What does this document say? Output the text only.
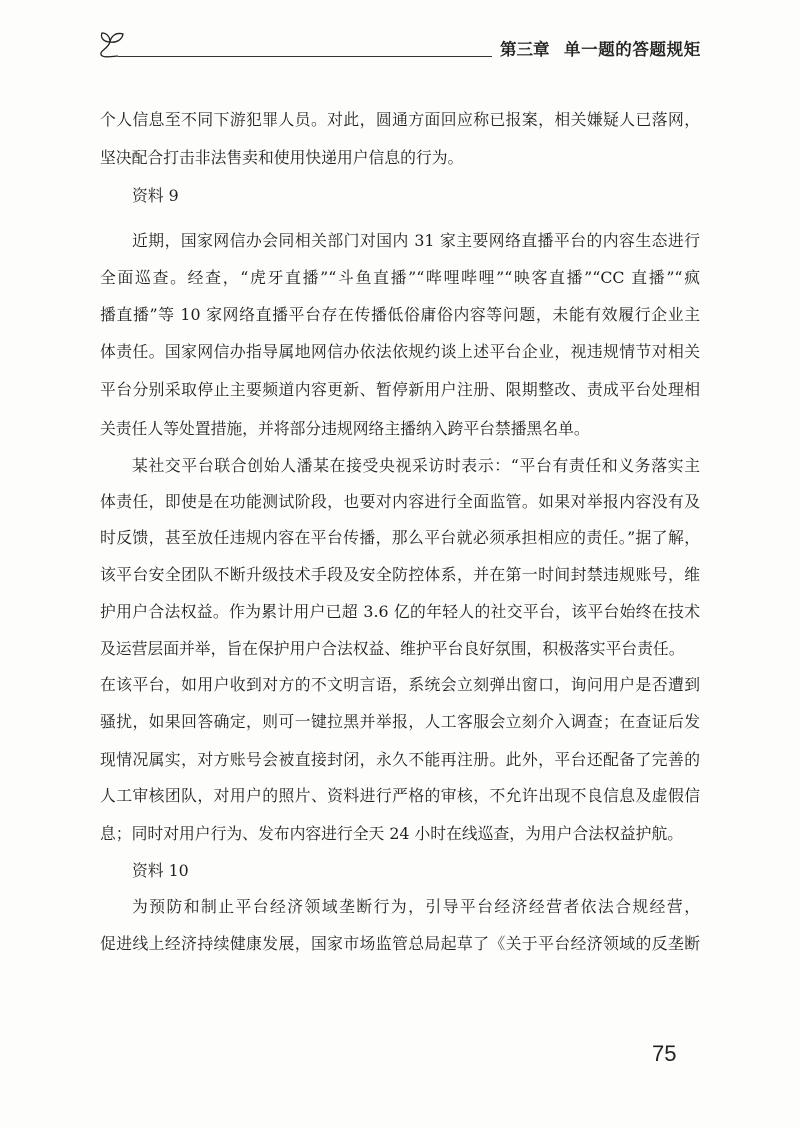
第三章 单一题的答题规矩
个人信息至不同下游犯罪人员。对此，圆通方面回应称已报案，相关嫌疑人已落网，
坚决配合打击非法售卖和使用快递用户信息的行为。
资料 9
近期，国家网信办会同相关部门对国内 31 家主要网络直播平台的内容生态进行
全面巡查。经查，“虎牙直播”“斗鱼直播”“哔哩哔哩”“映客直播”“CC 直播”“疯
播直播”等 10 家网络直播平台存在传播低俗庸俗内容等问题，未能有效履行企业主
体责任。国家网信办指导属地网信办依法依规约谈上述平台企业，视违规情节对相关
平台分别采取停止主要频道内容更新、暂停新用户注册、限期整改、责成平台处理相
关责任人等处置措施，并将部分违规网络主播纳入跨平台禁播黑名单。
某社交平台联合创始人潘某在接受央视采访时表示：“平台有责任和义务落实主
体责任，即使是在功能测试阶段，也要对内容进行全面监管。如果对举报内容没有及
时反馈，甚至放任违规内容在平台传播，那么平台就必须承担相应的责任。”据了解，
该平台安全团队不断升级技术手段及安全防控体系，并在第一时间封禁违规账号，维
护用户合法权益。作为累计用户已超 3.6 亿的年轻人的社交平台，该平台始终在技术
及运营层面并举，旨在保护用户合法权益、维护平台良好氛围，积极落实平台责任。
在该平台，如用户收到对方的不文明言语，系统会立刻弹出窗口，询问用户是否遭到
骚扰，如果回答确定，则可一键拉黑并举报，人工客服会立刻介入调查；在查证后发
现情况属实，对方账号会被直接封闭，永久不能再注册。此外，平台还配备了完善的
人工审核团队，对用户的照片、资料进行严格的审核，不允许出现不良信息及虚假信
息；同时对用户行为、发布内容进行全天 24 小时在线巡查，为用户合法权益护航。
资料 10
为预防和制止平台经济领域垄断行为，引导平台经济经营者依法合规经营，
促进线上经济持续健康发展，国家市场监管总局起草了《关于平台经济领域的反垄断
75
